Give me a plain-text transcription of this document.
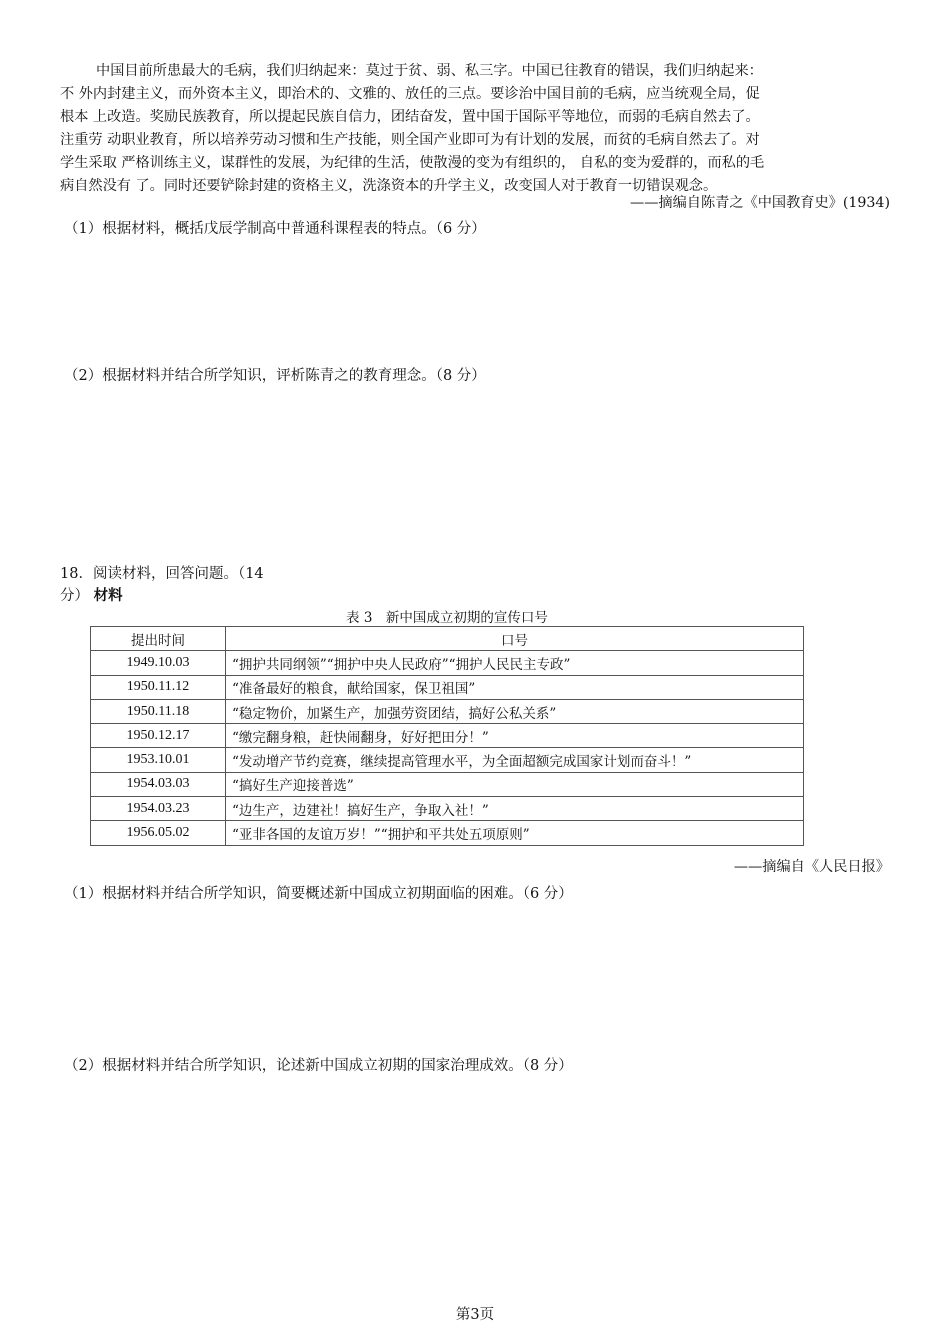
中国目前所患最大的毛病，我们归纳起来：莫过于贫、弱、私三字。中国已往教育的错误，我们归纳起来：
不 外内封建主义，而外资本主义，即治术的、文雅的、放任的三点。要诊治中国目前的毛病，应当统观全局，促
根本 上改造。奖励民族教育，所以提起民族自信力，团结奋发，置中国于国际平等地位，而弱的毛病自然去了。
注重劳 动职业教育，所以培养劳动习惯和生产技能，则全国产业即可为有计划的发展，而贫的毛病自然去了。对
学生采取 严格训练主义，谋群性的发展，为纪律的生活，使散漫的变为有组织的， 自私的变为爱群的，而私的毛
病自然没有 了。同时还要铲除封建的资格主义，洗涤资本的升学主义，改变国人对于教育一切错误观念。
——摘编自陈青之《中国教育史》(1934)
（1）根据材料，概括戊辰学制高中普通科课程表的特点。（6 分）
（2）根据材料并结合所学知识，评析陈青之的教育理念。（8 分）
18．阅读材料，回答问题。（14
分） 材料
表 3　新中国成立初期的宣传口号
提出时间	口号
1949.10.03	“拥护共同纲领”“拥护中央人民政府”“拥护人民民主专政”
1950.11.12	“准备最好的粮食，献给国家，保卫祖国”
1950.11.18	“稳定物价，加紧生产，加强劳资团结，搞好公私关系”
1950.12.17	“缴完翻身粮，赶快闹翻身，好好把田分！”
1953.10.01	“发动增产节约竞赛，继续提高管理水平，为全面超额完成国家计划而奋斗！”
1954.03.03	“搞好生产迎接普选”
1954.03.23	“边生产，边建社！搞好生产，争取入社！”
1956.05.02	“亚非各国的友谊万岁！”“拥护和平共处五项原则”
——摘编自《人民日报》
（1）根据材料并结合所学知识，简要概述新中国成立初期面临的困难。（6 分）
（2）根据材料并结合所学知识，论述新中国成立初期的国家治理成效。（8 分）
第3页
